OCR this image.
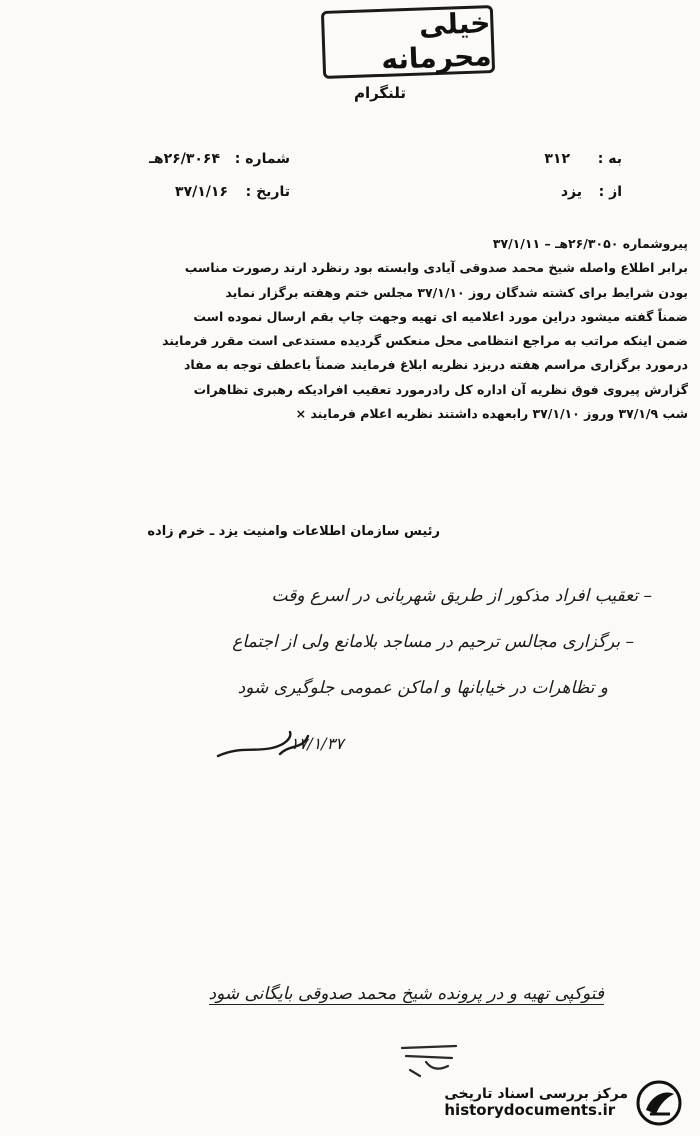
خیلی محرمانه
تلنگرام
به :
۳۱۲
از :
یزد
شماره :
۲۶/۳۰۶۴هـ
تاریخ :
۳۷/۱/۱۶
پیروشماره ۲۶/۳۰۵۰هـ – ۳۷/۱/۱۱
برابر اطلاع واصله شیخ محمد صدوقی آیادی وابسته بود رنظرد ارند رصورت مناسب
بودن شرایط برای کشته شدگان روز ۳۷/۱/۱۰ مجلس ختم وهفته برگزار نماید
ضمناً گفته میشود دراین مورد اعلامیه ای تهیه وجهت چاپ بقم ارسال نموده است
ضمن اینکه مراتب به مراجع انتظامی محل منعکس گردیده مستدعی است مقرر فرمایند
درمورد برگزاری مراسم هفته دریزد نظریه ابلاغ فرمایند ضمناً باعطف توجه به مفاد
گزارش پیروی فوق نظریه آن اداره کل رادرمورد تعقیب افرادیکه رهبری تظاهرات
شب ۳۷/۱/۹ وروز ۳۷/۱/۱۰ رابعهده داشتند نظریه اعلام فرمایند ×
رئیس سازمان اطلاعات وامنیت یزد ـ خرم زاده
– تعقیب افراد مذکور از طریق شهربانی در اسرع وقت
– برگزاری مجالس ترحیم در مساجد بلامانع ولی از اجتماع
و تظاهرات در خیابانها و اماکن عمومی جلوگیری شود
۱۷/۱/۳۷
فتوکپی تهیه و در پرونده شیخ محمد صدوقی بایگانی شود
مرکز بررسی اسناد تاریخی
historydocuments.ir
